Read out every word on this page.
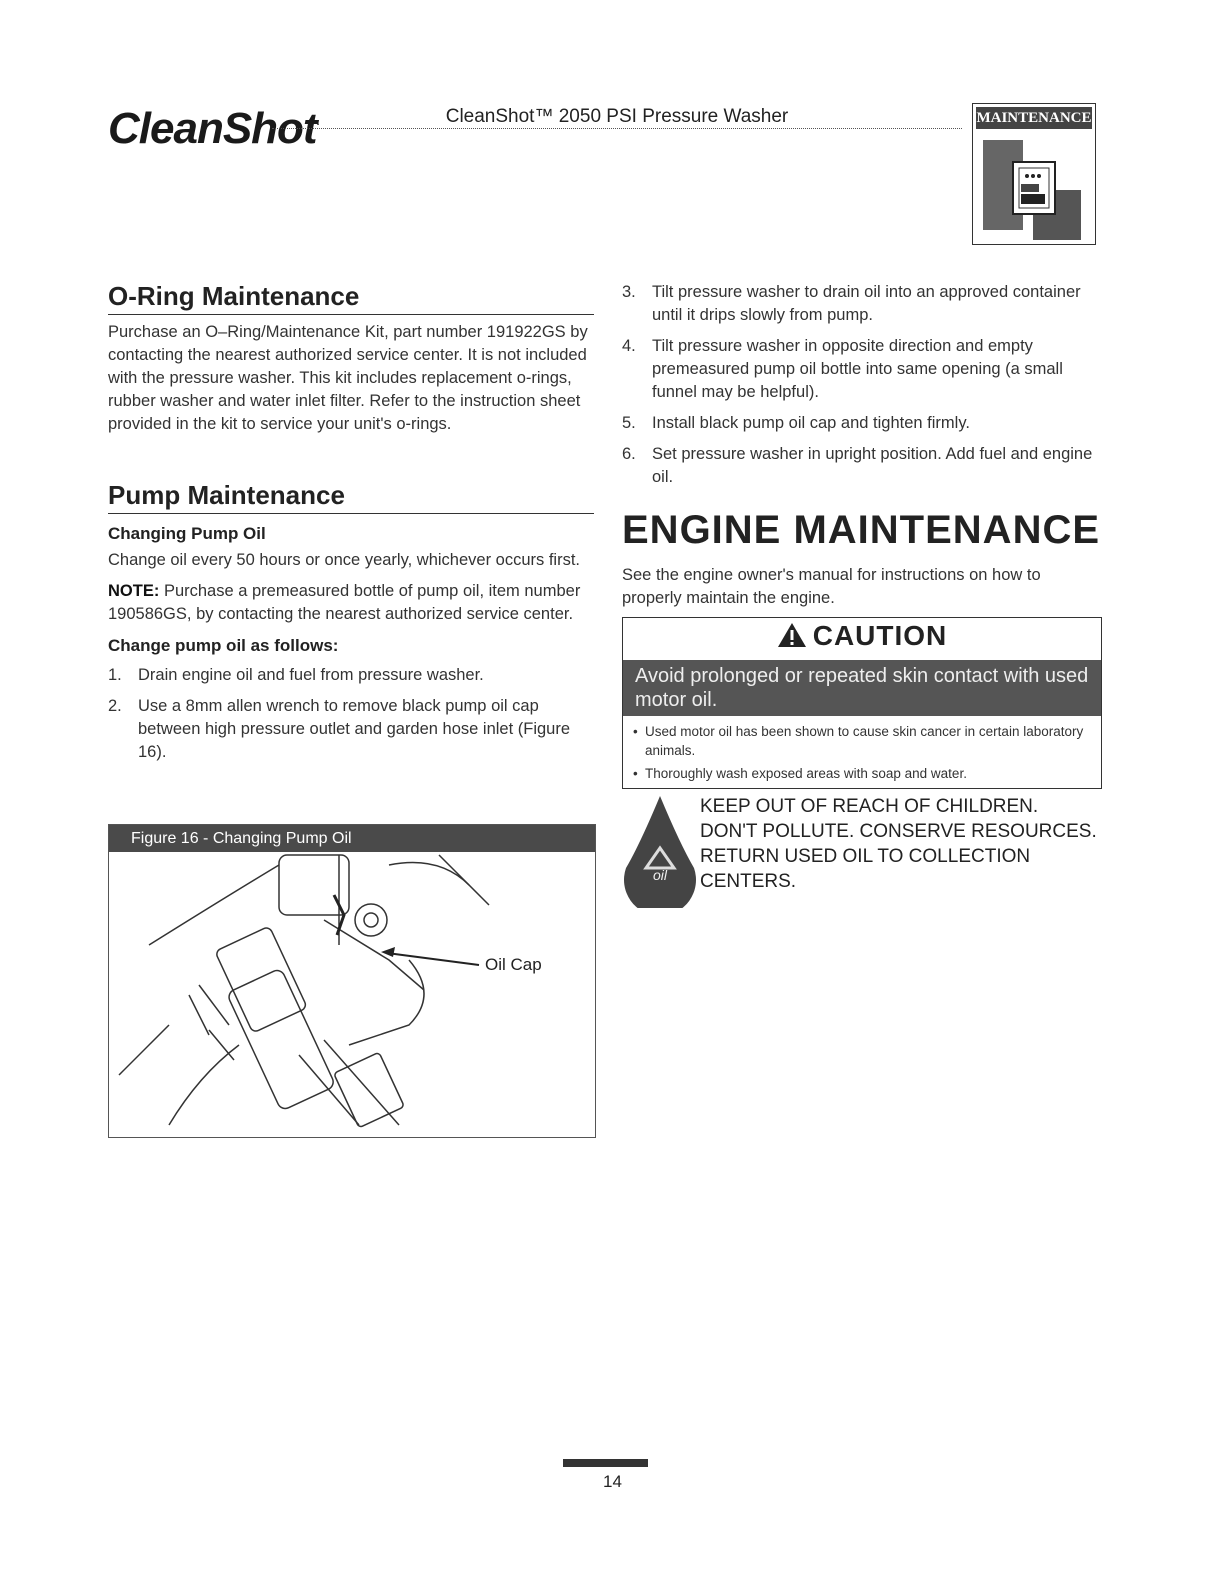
CleanShot·	CleanShot™ 2050 PSI Pressure Washer	MAINTENANCE
O-Ring Maintenance
Purchase an O–Ring/Maintenance Kit, part number 191922GS by contacting the nearest authorized service center. It is not included with the pressure washer. This kit includes replacement o-rings, rubber washer and water inlet filter. Refer to the instruction sheet provided in the kit to service your unit's o-rings.
Pump Maintenance
Changing Pump Oil
Change oil every 50 hours or once yearly, whichever occurs first.
NOTE: Purchase a premeasured bottle of pump oil, item number 190586GS, by contacting the nearest authorized service center.
Change pump oil as follows:
1. Drain engine oil and fuel from pressure washer.
2. Use a 8mm allen wrench to remove black pump oil cap between high pressure outlet and garden hose inlet (Figure 16).
Figure 16 - Changing Pump Oil
Oil Cap
3. Tilt pressure washer to drain oil into an approved container until it drips slowly from pump.
4. Tilt pressure washer in opposite direction and empty premeasured pump oil bottle into same opening (a small funnel may be helpful).
5. Install black pump oil cap and tighten firmly.
6. Set pressure washer in upright position. Add fuel and engine oil.
ENGINE MAINTENANCE
See the engine owner's manual for instructions on how to properly maintain the engine.
CAUTION
Avoid prolonged or repeated skin contact with used motor oil.
• Used motor oil has been shown to cause skin cancer in certain laboratory animals.
• Thoroughly wash exposed areas with soap and water.
oil
KEEP OUT OF REACH OF CHILDREN. DON'T POLLUTE. CONSERVE RESOURCES. RETURN USED OIL TO COLLECTION CENTERS.
14
